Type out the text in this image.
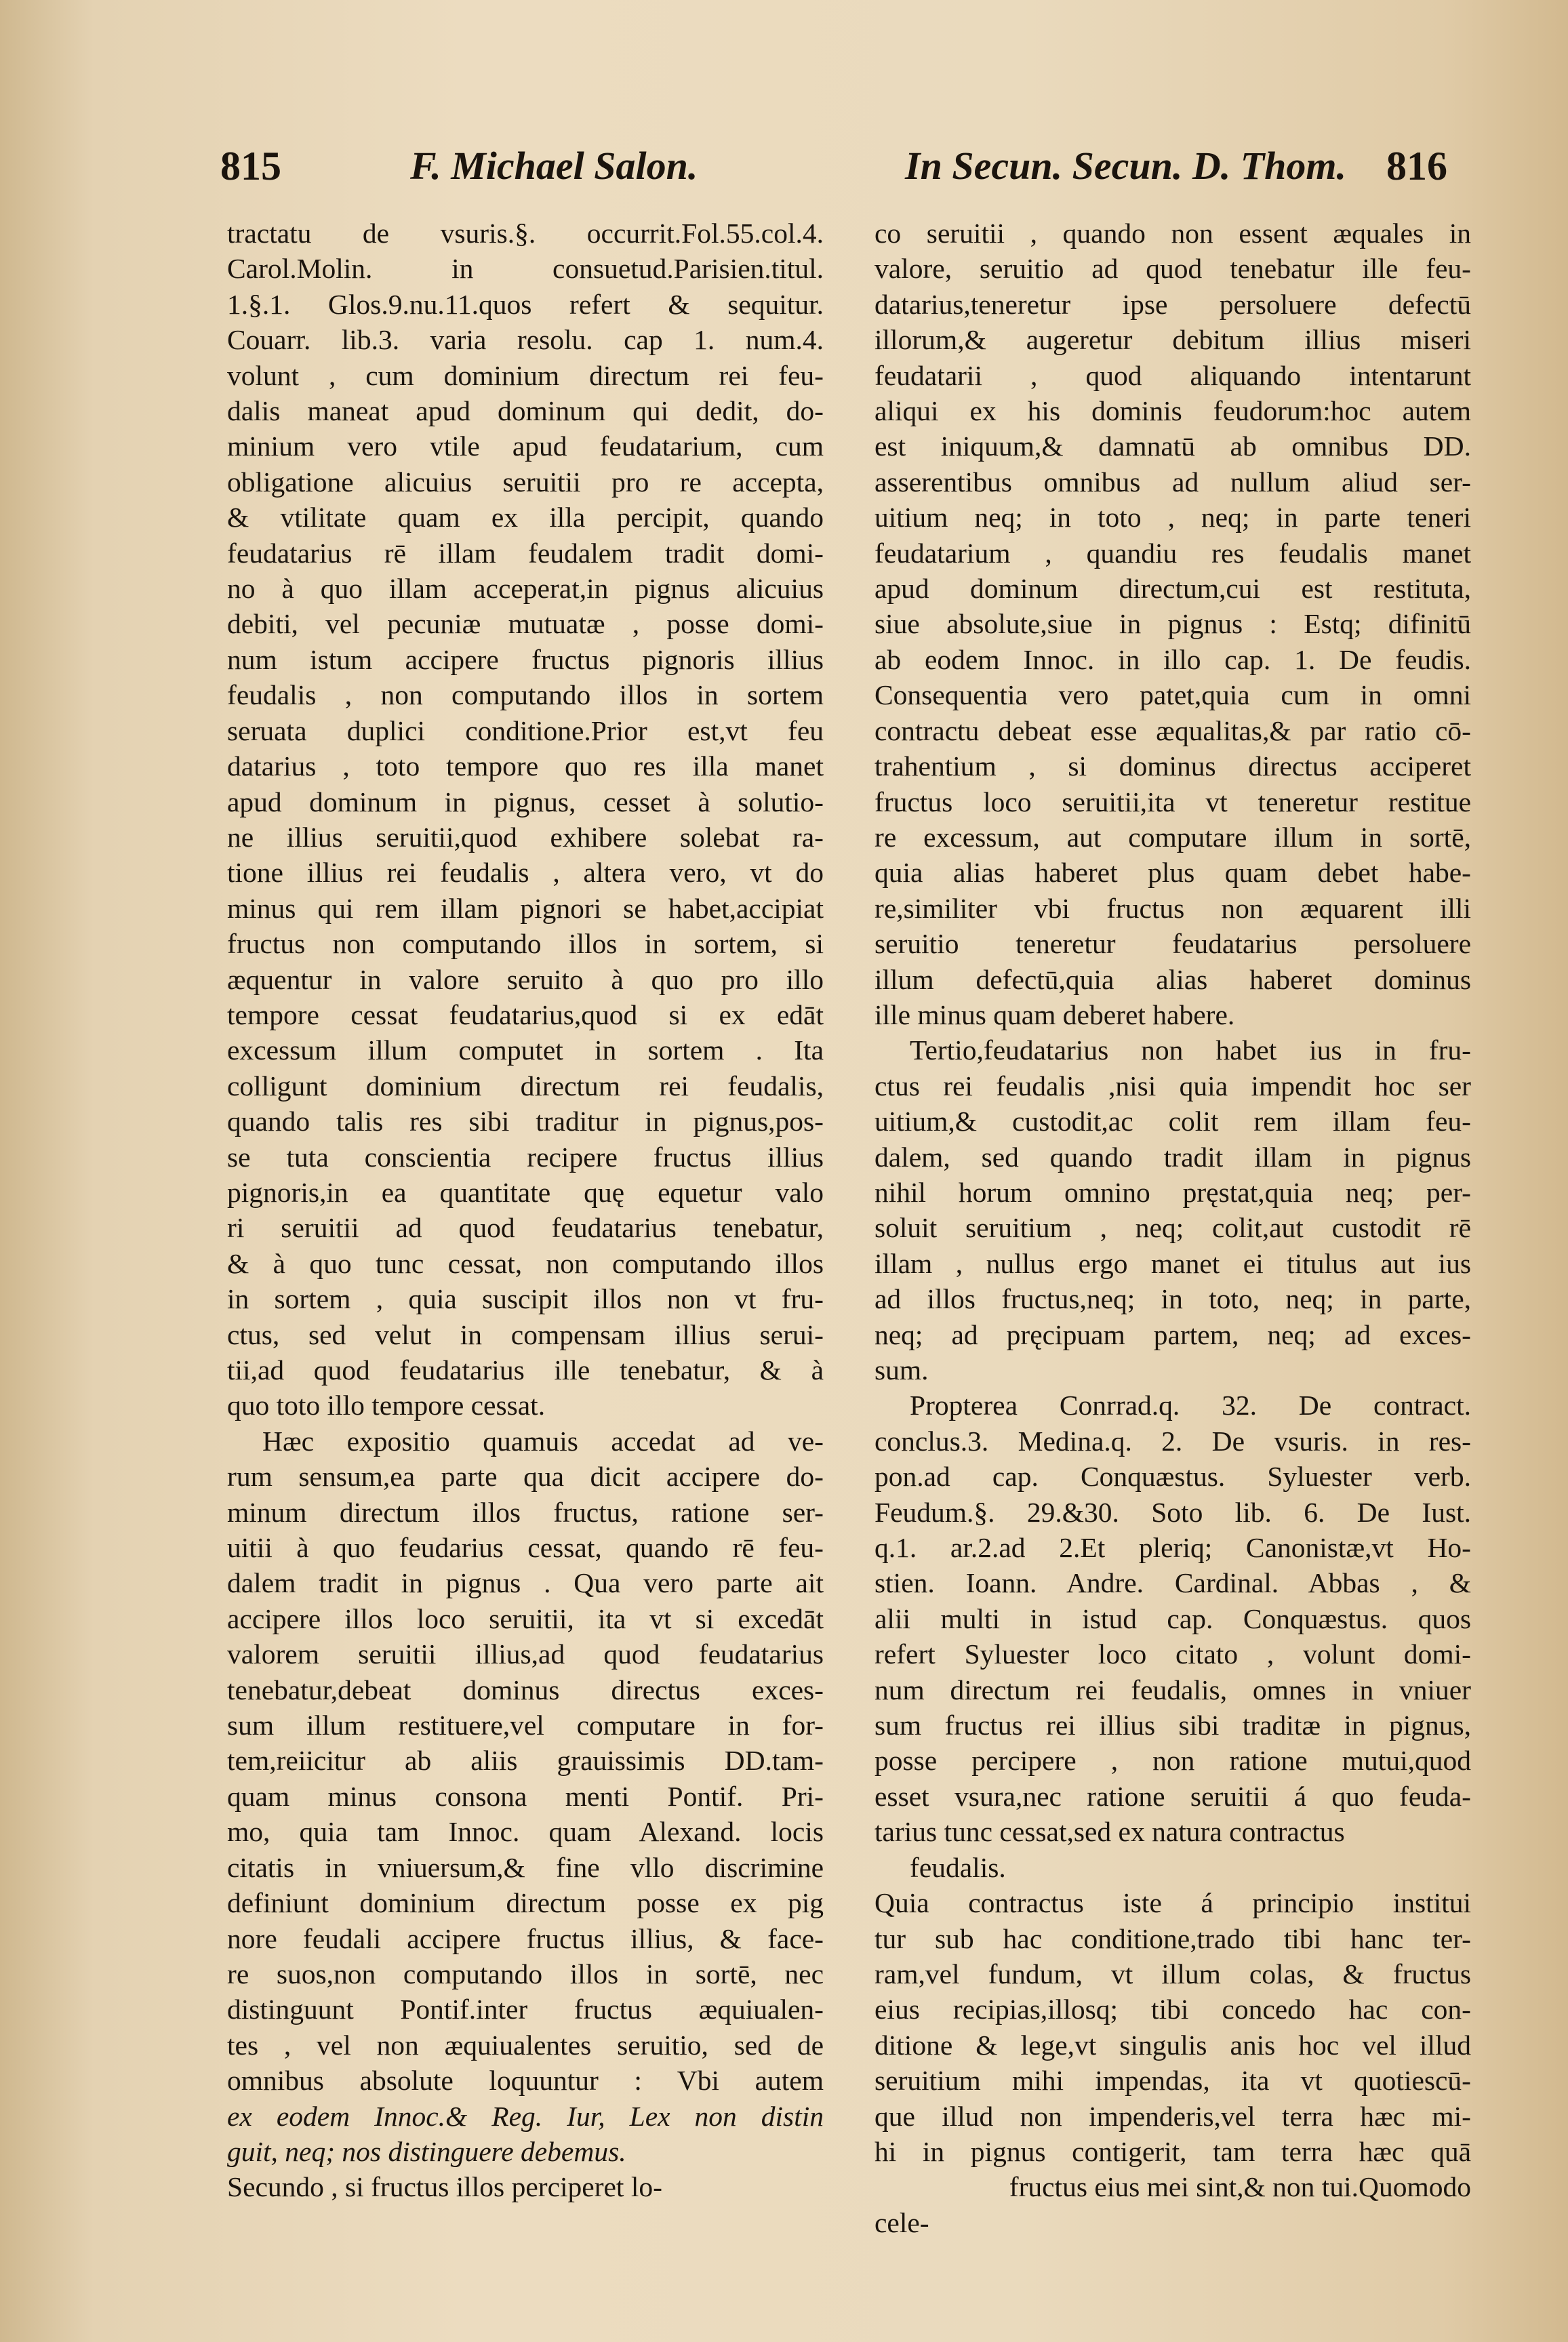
815	F. Michael Salon.	In Secun. Secun. D. Thom. 816
tractatu de vsuris.§. occurrit.Fol.55.col.4.
Carol.Molin. in consuetud.Parisien.titul.
1.§.1. Glos.9.nu.11.quos refert & sequitur.
Couarr. lib.3. varia resolu. cap 1. num.4.
volunt , cum dominium directum rei feu-
dalis maneat apud dominum qui dedit, do-
minium vero vtile apud feudatarium, cum
obligatione alicuius seruitii pro re accepta,
& vtilitate quam ex illa percipit, quando
feudatarius rē illam feudalem tradit domi-
no à quo illam acceperat,in pignus alicuius
debiti, vel pecuniæ mutuatæ , posse domi-
num istum accipere fructus pignoris illius
feudalis , non computando illos in sortem
seruata duplici conditione.Prior est,vt feu
datarius , toto tempore quo res illa manet
apud dominum in pignus, cesset à solutio-
ne illius seruitii,quod exhibere solebat ra-
tione illius rei feudalis , altera vero, vt do
minus qui rem illam pignori se habet,accipiat
fructus non computando illos in sortem, si
æquentur in valore seruito à quo pro illo
tempore cessat feudatarius,quod si ex edāt
excessum illum computet in sortem . Ita
colligunt dominium directum rei feudalis,
quando talis res sibi traditur in pignus,pos-
se tuta conscientia recipere fructus illius
pignoris,in ea quantitate quę equetur valo
ri seruitii ad quod feudatarius tenebatur,
& à quo tunc cessat, non computando illos
in sortem , quia suscipit illos non vt fru-
ctus, sed velut in compensam illius serui-
tii,ad quod feudatarius ille tenebatur, & à
quo toto illo tempore cessat.
Hæc expositio quamuis accedat ad ve-
rum sensum,ea parte qua dicit accipere do-
minum directum illos fructus, ratione ser-
uitii à quo feudarius cessat, quando rē feu-
dalem tradit in pignus . Qua vero parte ait
accipere illos loco seruitii, ita vt si excedāt
valorem seruitii illius,ad quod feudatarius
tenebatur,debeat dominus directus exces-
sum illum restituere,vel computare in for-
tem,reiicitur ab aliis grauissimis DD.tam-
quam minus consona menti Pontif. Pri-
mo, quia tam Innoc. quam Alexand. locis
citatis in vniuersum,& fine vllo discrimine
definiunt dominium directum posse ex pig
nore feudali accipere fructus illius, & face-
re suos,non computando illos in sortē, nec
distinguunt Pontif.inter fructus æquiualen-
tes , vel non æquiualentes seruitio, sed de
omnibus absolute loquuntur : Vbi autem
ex eodem Innoc.& Reg. Iur, Lex non distin
guit, neq; nos distinguere debemus.
Secundo , si fructus illos perciperet lo-
co seruitii , quando non essent æquales in
valore, seruitio ad quod tenebatur ille feu-
datarius,teneretur ipse persoluere defectū
illorum,& augeretur debitum illius miseri
feudatarii , quod aliquando intentarunt
aliqui ex his dominis feudorum:hoc autem
est iniquum,& damnatū ab omnibus DD.
asserentibus omnibus ad nullum aliud ser-
uitium neq; in toto , neq; in parte teneri
feudatarium , quandiu res feudalis manet
apud dominum directum,cui est restituta,
siue absolute,siue in pignus : Estq; difinitū
ab eodem Innoc. in illo cap. 1. De feudis.
Consequentia vero patet,quia cum in omni
contractu debeat esse æqualitas,& par ratio cō-
trahentium , si dominus directus acciperet
fructus loco seruitii,ita vt teneretur restitue
re excessum, aut computare illum in sortē,
quia alias haberet plus quam debet habe-
re,similiter vbi fructus non æquarent illi
seruitio teneretur feudatarius persoluere
illum defectū,quia alias haberet dominus
ille minus quam deberet habere.
Tertio,feudatarius non habet ius in fru-
ctus rei feudalis ,nisi quia impendit hoc ser
uitium,& custodit,ac colit rem illam feu-
dalem, sed quando tradit illam in pignus
nihil horum omnino pręstat,quia neq; per-
soluit seruitium , neq; colit,aut custodit rē
illam , nullus ergo manet ei titulus aut ius
ad illos fructus,neq; in toto, neq; in parte,
neq; ad pręcipuam partem, neq; ad exces-
sum.
Propterea Conrrad.q. 32. De contract.
conclus.3. Medina.q. 2. De vsuris. in res-
pon.ad cap. Conquæstus. Syluester verb.
Feudum.§. 29.&30. Soto lib. 6. De Iust.
q.1. ar.2.ad 2.Et pleriq; Canonistæ,vt Ho-
stien. Ioann. Andre. Cardinal. Abbas , &
alii multi in istud cap. Conquæstus. quos
refert Syluester loco citato , volunt domi-
num directum rei feudalis, omnes in vniuer
sum fructus rei illius sibi traditæ in pignus,
posse percipere , non ratione mutui,quod
esset vsura,nec ratione seruitii á quo feuda-
tarius tunc cessat,sed ex natura contractus
feudalis.
Quia contractus iste á principio institui
tur sub hac conditione,trado tibi hanc ter-
ram,vel fundum, vt illum colas, & fructus
eius recipias,illosq; tibi concedo hac con-
ditione & lege,vt singulis anis hoc vel illud
seruitium mihi impendas, ita vt quotiescū-
que illud non impenderis,vel terra hæc mi-
hi in pignus contigerit, tam terra hæc quā
fructus eius mei sint,& non tui.Quomodo
cele-
